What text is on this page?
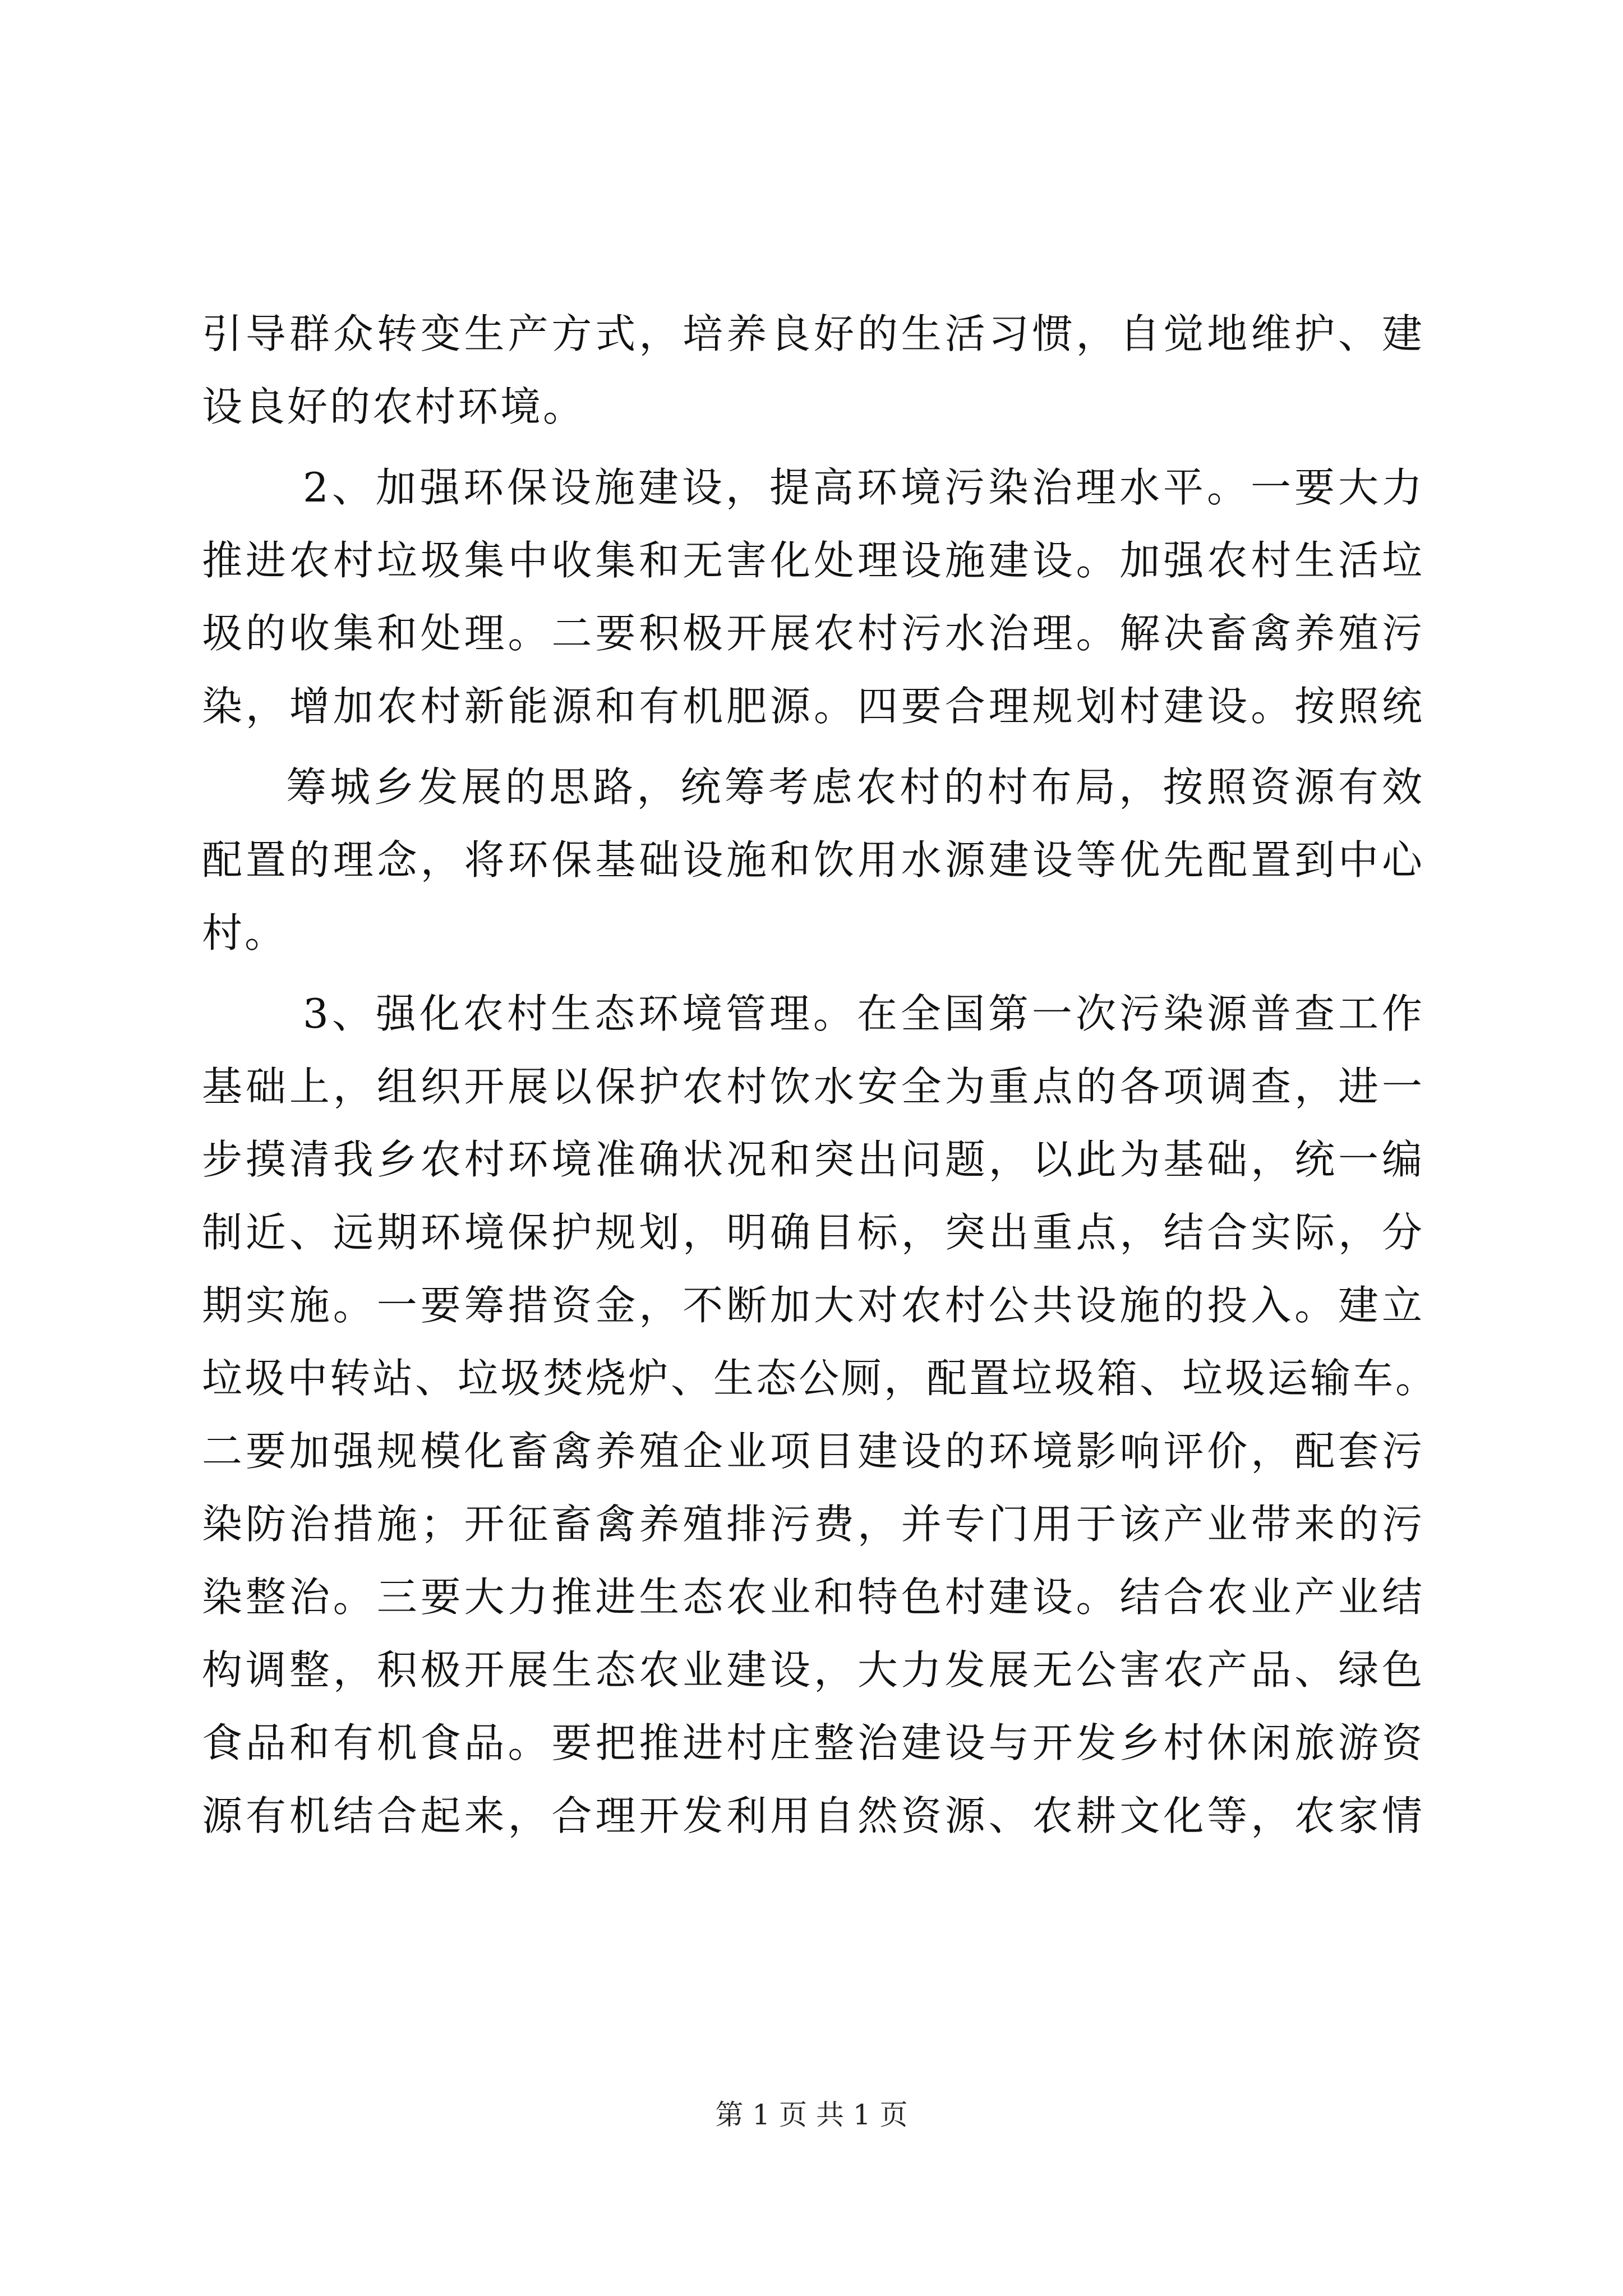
引导群众转变生产方式，培养良好的生活习惯，自觉地维护、建
设良好的农村环境。
2、加强环保设施建设，提高环境污染治理水平。一要大力
推进农村垃圾集中收集和无害化处理设施建设。加强农村生活垃
圾的收集和处理。二要积极开展农村污水治理。解决畜禽养殖污
染，增加农村新能源和有机肥源。四要合理规划村建设。按照统
筹城乡发展的思路，统筹考虑农村的村布局，按照资源有效
配置的理念，将环保基础设施和饮用水源建设等优先配置到中心
村。
3、强化农村生态环境管理。在全国第一次污染源普查工作
基础上，组织开展以保护农村饮水安全为重点的各项调查，进一
步摸清我乡农村环境准确状况和突出问题，以此为基础，统一编
制近、远期环境保护规划，明确目标，突出重点，结合实际，分
期实施。一要筹措资金，不断加大对农村公共设施的投入。建立
垃圾中转站、垃圾焚烧炉、生态公厕，配置垃圾箱、垃圾运输车。
二要加强规模化畜禽养殖企业项目建设的环境影响评价，配套污
染防治措施；开征畜禽养殖排污费，并专门用于该产业带来的污
染整治。三要大力推进生态农业和特色村建设。结合农业产业结
构调整，积极开展生态农业建设，大力发展无公害农产品、绿色
食品和有机食品。要把推进村庄整治建设与开发乡村休闲旅游资
源有机结合起来，合理开发利用自然资源、农耕文化等，农家情
第 1 页 共 1 页
